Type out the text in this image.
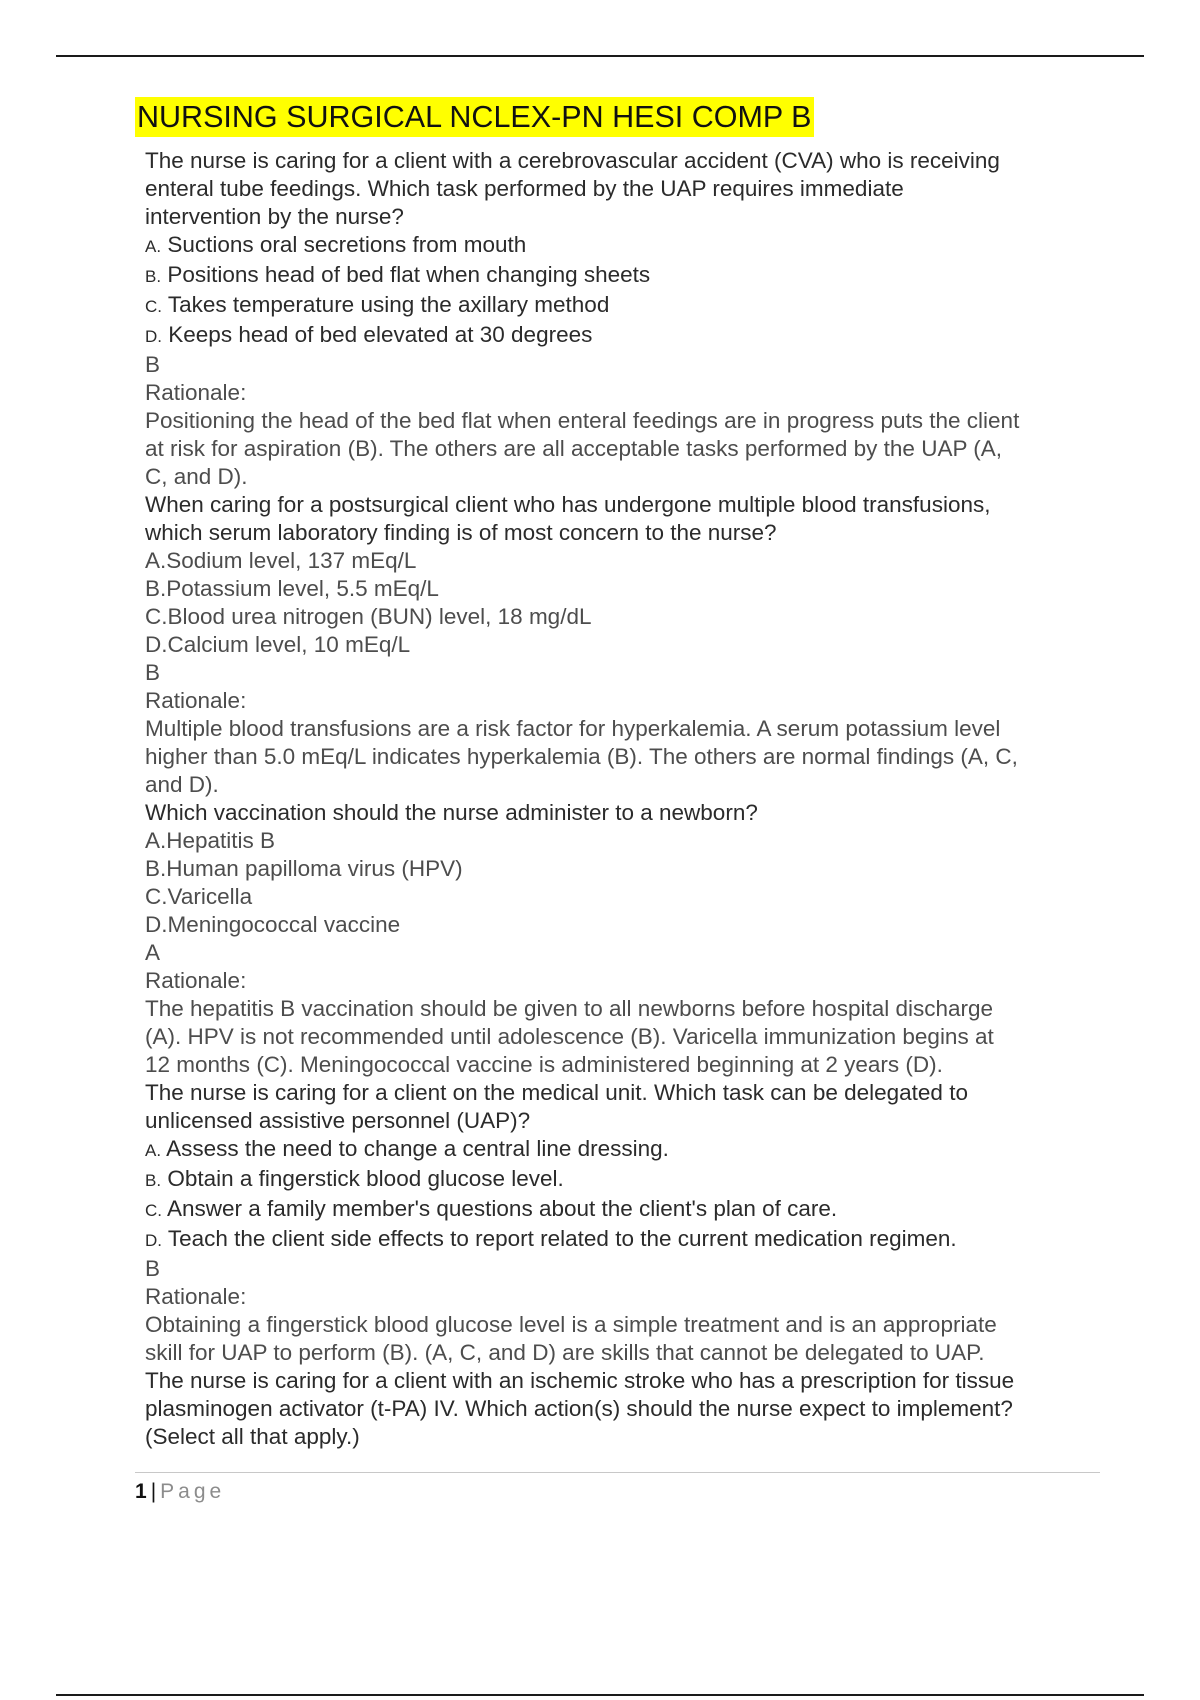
NURSING SURGICAL NCLEX-PN HESI COMP B

The nurse is caring for a client with a cerebrovascular accident (CVA) who is receiving

enteral tube feedings. Which task performed by the UAP requires immediate

intervention by the nurse?

A. Suctions oral secretions from mouth

B. Positions head of bed flat when changing sheets

C. Takes temperature using the axillary method

D. Keeps head of bed elevated at 30 degrees

B

Rationale:

Positioning the head of the bed flat when enteral feedings are in progress puts the client

at risk for aspiration (B). The others are all acceptable tasks performed by the UAP (A,

C, and D).

When caring for a postsurgical client who has undergone multiple blood transfusions,

which serum laboratory finding is of most concern to the nurse?

A.Sodium level, 137 mEq/L

B.Potassium level, 5.5 mEq/L

C.Blood urea nitrogen (BUN) level, 18 mg/dL

D.Calcium level, 10 mEq/L

B

Rationale:

Multiple blood transfusions are a risk factor for hyperkalemia. A serum potassium level

higher than 5.0 mEq/L indicates hyperkalemia (B). The others are normal findings (A, C,

and D).

Which vaccination should the nurse administer to a newborn?

A.Hepatitis B

B.Human papilloma virus (HPV)

C.Varicella

D.Meningococcal vaccine

A

Rationale:

The hepatitis B vaccination should be given to all newborns before hospital discharge

(A). HPV is not recommended until adolescence (B). Varicella immunization begins at

12 months (C). Meningococcal vaccine is administered beginning at 2 years (D).

The nurse is caring for a client on the medical unit. Which task can be delegated to

unlicensed assistive personnel (UAP)?

A. Assess the need to change a central line dressing.

B. Obtain a fingerstick blood glucose level.

C. Answer a family member's questions about the client's plan of care.

D. Teach the client side effects to report related to the current medication regimen.

B

Rationale:

Obtaining a fingerstick blood glucose level is a simple treatment and is an appropriate

skill for UAP to perform (B). (A, C, and D) are skills that cannot be delegated to UAP.

The nurse is caring for a client with an ischemic stroke who has a prescription for tissue

plasminogen activator (t-PA) IV. Which action(s) should the nurse expect to implement?

(Select all that apply.)

1 | Page
